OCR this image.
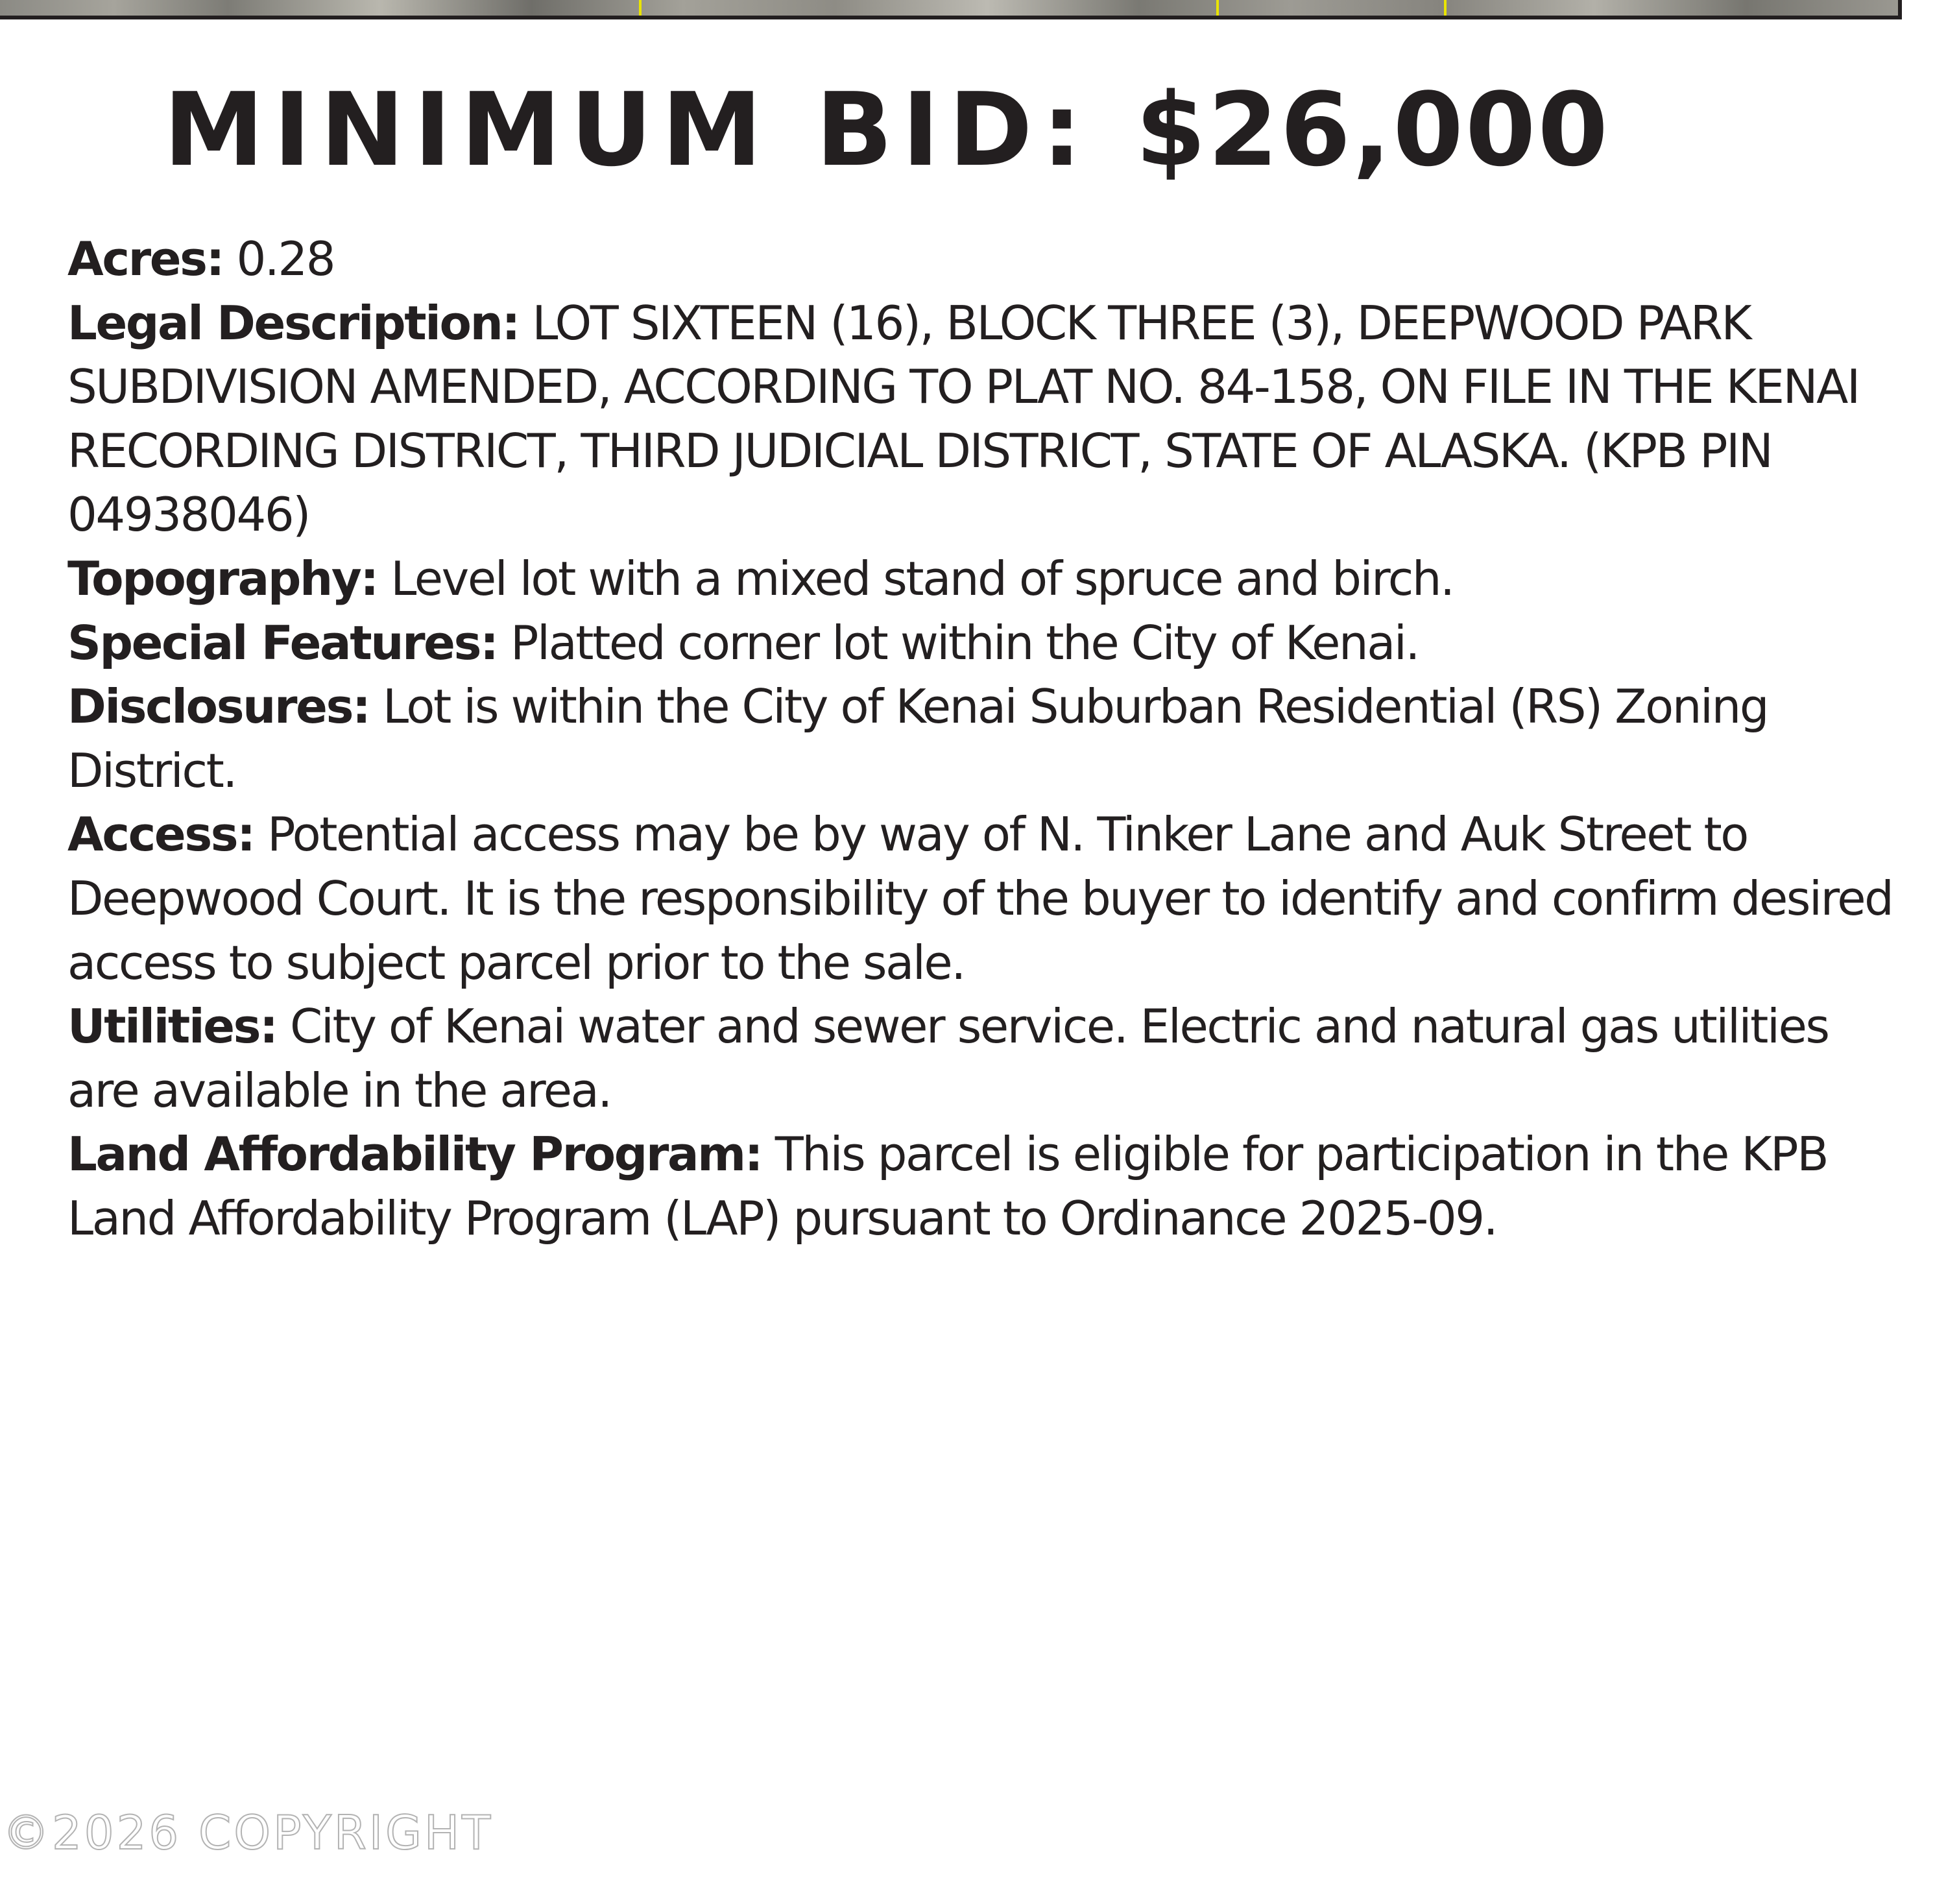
MINIMUM BID: $26,000

Acres: 0.28

Legal Description: LOT SIXTEEN (16), BLOCK THREE (3), DEEPWOOD PARK SUBDIVISION AMENDED, ACCORDING TO PLAT NO. 84-158, ON FILE IN THE KENAI RECORDING DISTRICT, THIRD JUDICIAL DISTRICT, STATE OF ALASKA. (KPB PIN 04938046)

Topography: Level lot with a mixed stand of spruce and birch.

Special Features: Platted corner lot within the City of Kenai.

Disclosures: Lot is within the City of Kenai Suburban Residential (RS) Zoning District.

Access: Potential access may be by way of N. Tinker Lane and Auk Street to Deepwood Court. It is the responsibility of the buyer to identify and confirm desired access to subject parcel prior to the sale.

Utilities: City of Kenai water and sewer service. Electric and natural gas utilities are available in the area.

Land Affordability Program: This parcel is eligible for participation in the KPB Land Affordability Program (LAP) pursuant to Ordinance 2025-09.

©2026 COPYRIGHT
